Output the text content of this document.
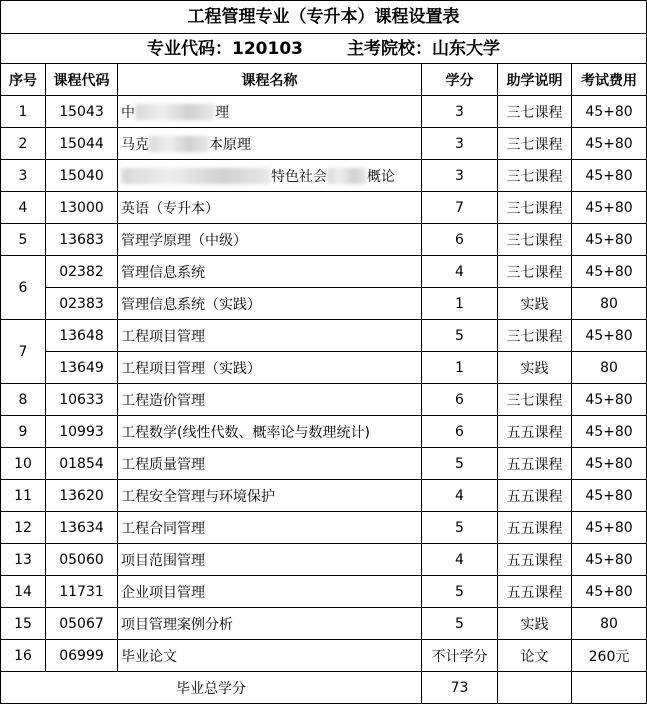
工程管理专业（专升本）课程设置表					
专业代码：120103 主考院校：山东大学					
序号	课程代码	课程名称	学分	助学说明	考试费用
1	15043	中 理	3	三七课程	45+80
2	15044	马克 本原理	3	三七课程	45+80
3	15040	特色社会 概论	3	三七课程	45+80
4	13000	英语（专升本）	7	三七课程	45+80
5	13683	管理学原理（中级）	6	三七课程	45+80
6	02382	管理信息系统	4	三七课程	45+80
	02383	管理信息系统（实践）	1	实践	80
7	13648	工程项目管理	5	三七课程	45+80
	13649	工程项目管理（实践）	1	实践	80
8	10633	工程造价管理	6	三七课程	45+80
9	10993	工程数学(线性代数、概率论与数理统计)	6	五五课程	45+80
10	01854	工程质量管理	5	五五课程	45+80
11	13620	工程安全管理与环境保护	4	五五课程	45+80
12	13634	工程合同管理	5	五五课程	45+80
13	05060	项目范围管理	4	五五课程	45+80
14	11731	企业项目管理	5	五五课程	45+80
15	05067	项目管理案例分析	5	实践	80
16	06999	毕业论文	不计学分	论文	260元
毕业总学分			73		
